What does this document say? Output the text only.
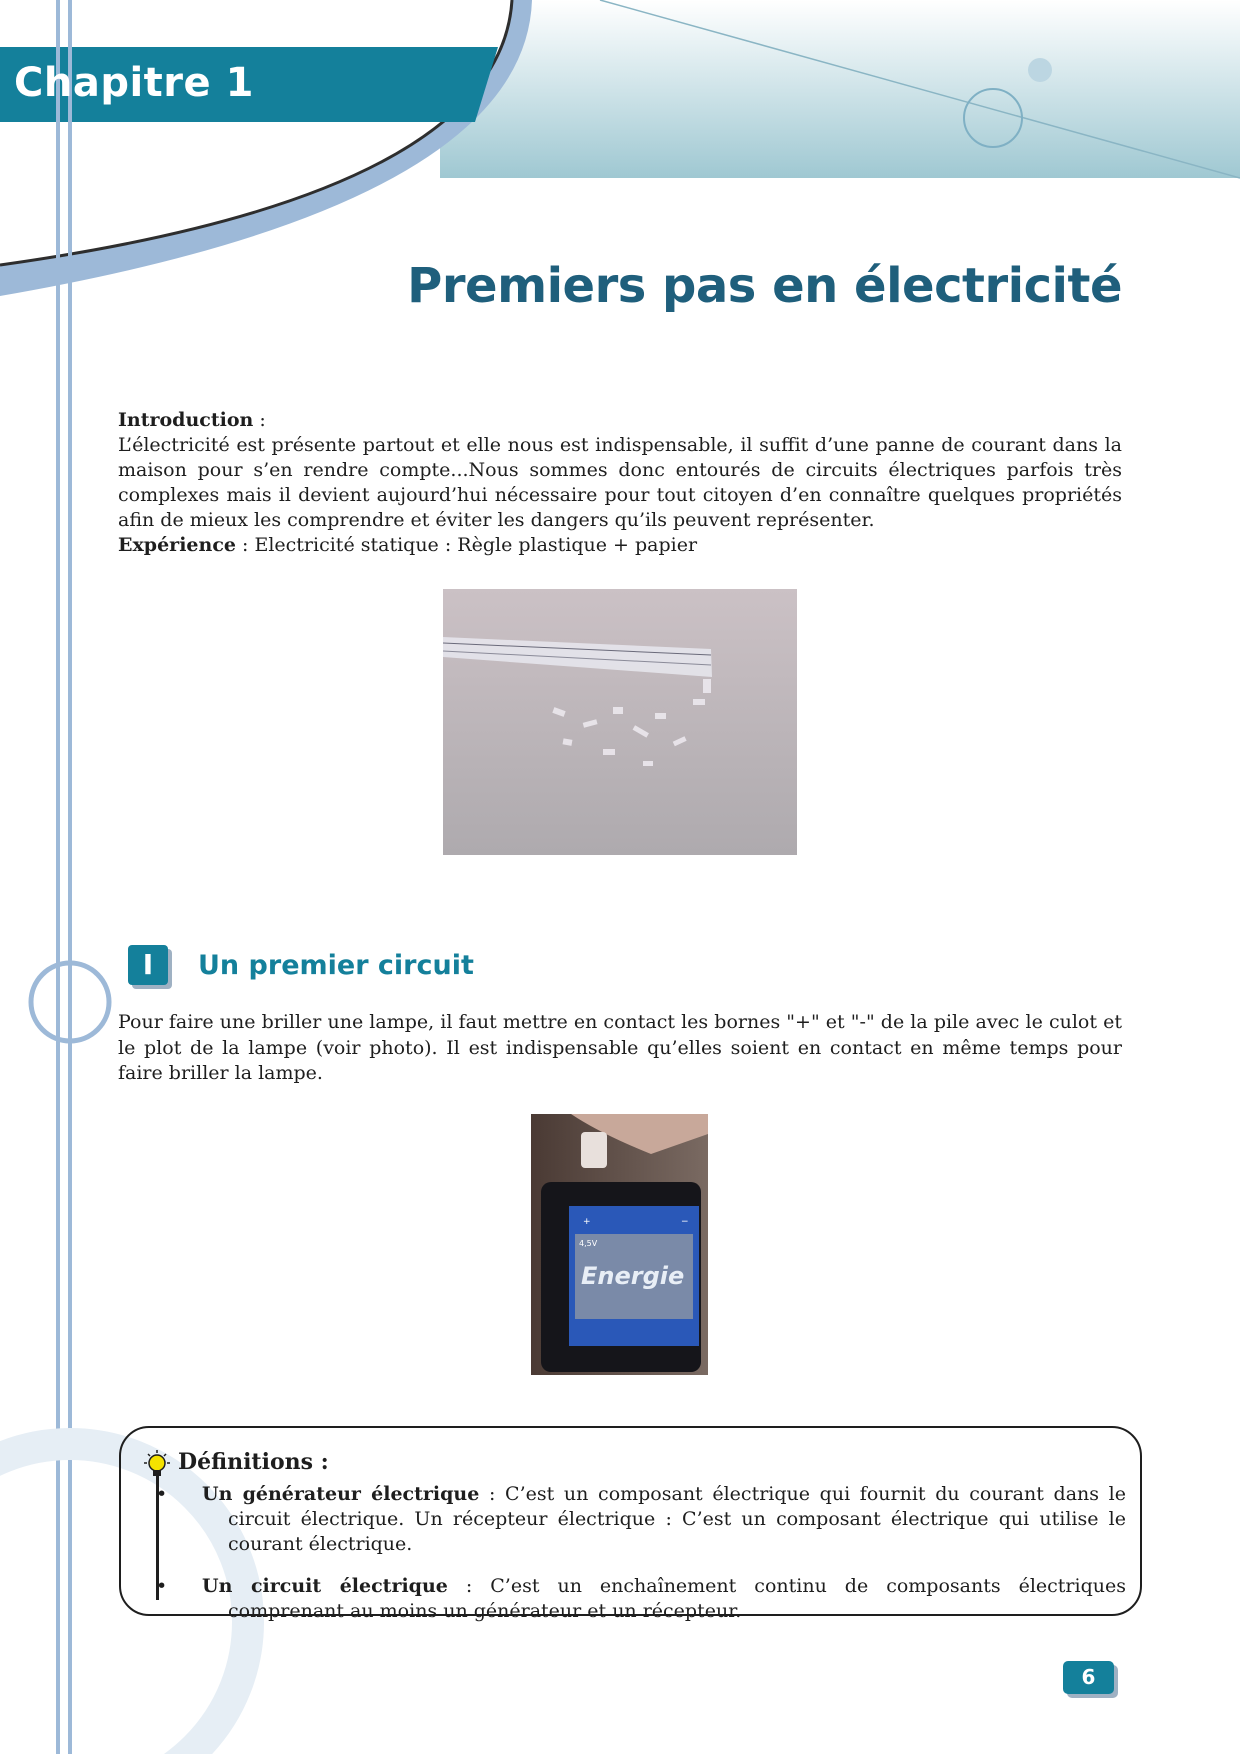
Chapitre 1
Premiers pas en électricité

Introduction :

L’électricité est présente partout et elle nous est indispensable, il suffit d’une panne de courant dans la maison pour s’en rendre compte...Nous sommes donc entourés de circuits électriques parfois très complexes mais il devient aujourd’hui nécessaire pour tout citoyen d’en connaître quelques propriétés afin de mieux les comprendre et éviter les dangers qu’ils peuvent représenter.

Expérience : Electricité statique : Règle plastique + papier

I	Un premier circuit

Pour faire une briller une lampe, il faut mettre en contact les bornes "+" et "-" de la pile avec le culot et le plot de la lampe (voir photo). Il est indispensable qu’elles soient en contact en même temps pour faire briller la lampe.

+	−
4,5V
Energie
Définitions :
• Un générateur électrique : C’est un composant électrique qui fournit du courant dans le circuit électrique. Un récepteur électrique : C’est un composant électrique qui utilise le courant électrique.
• Un circuit électrique : C’est un enchaînement continu de composants électriques comprenant au moins un générateur et un récepteur.
6
